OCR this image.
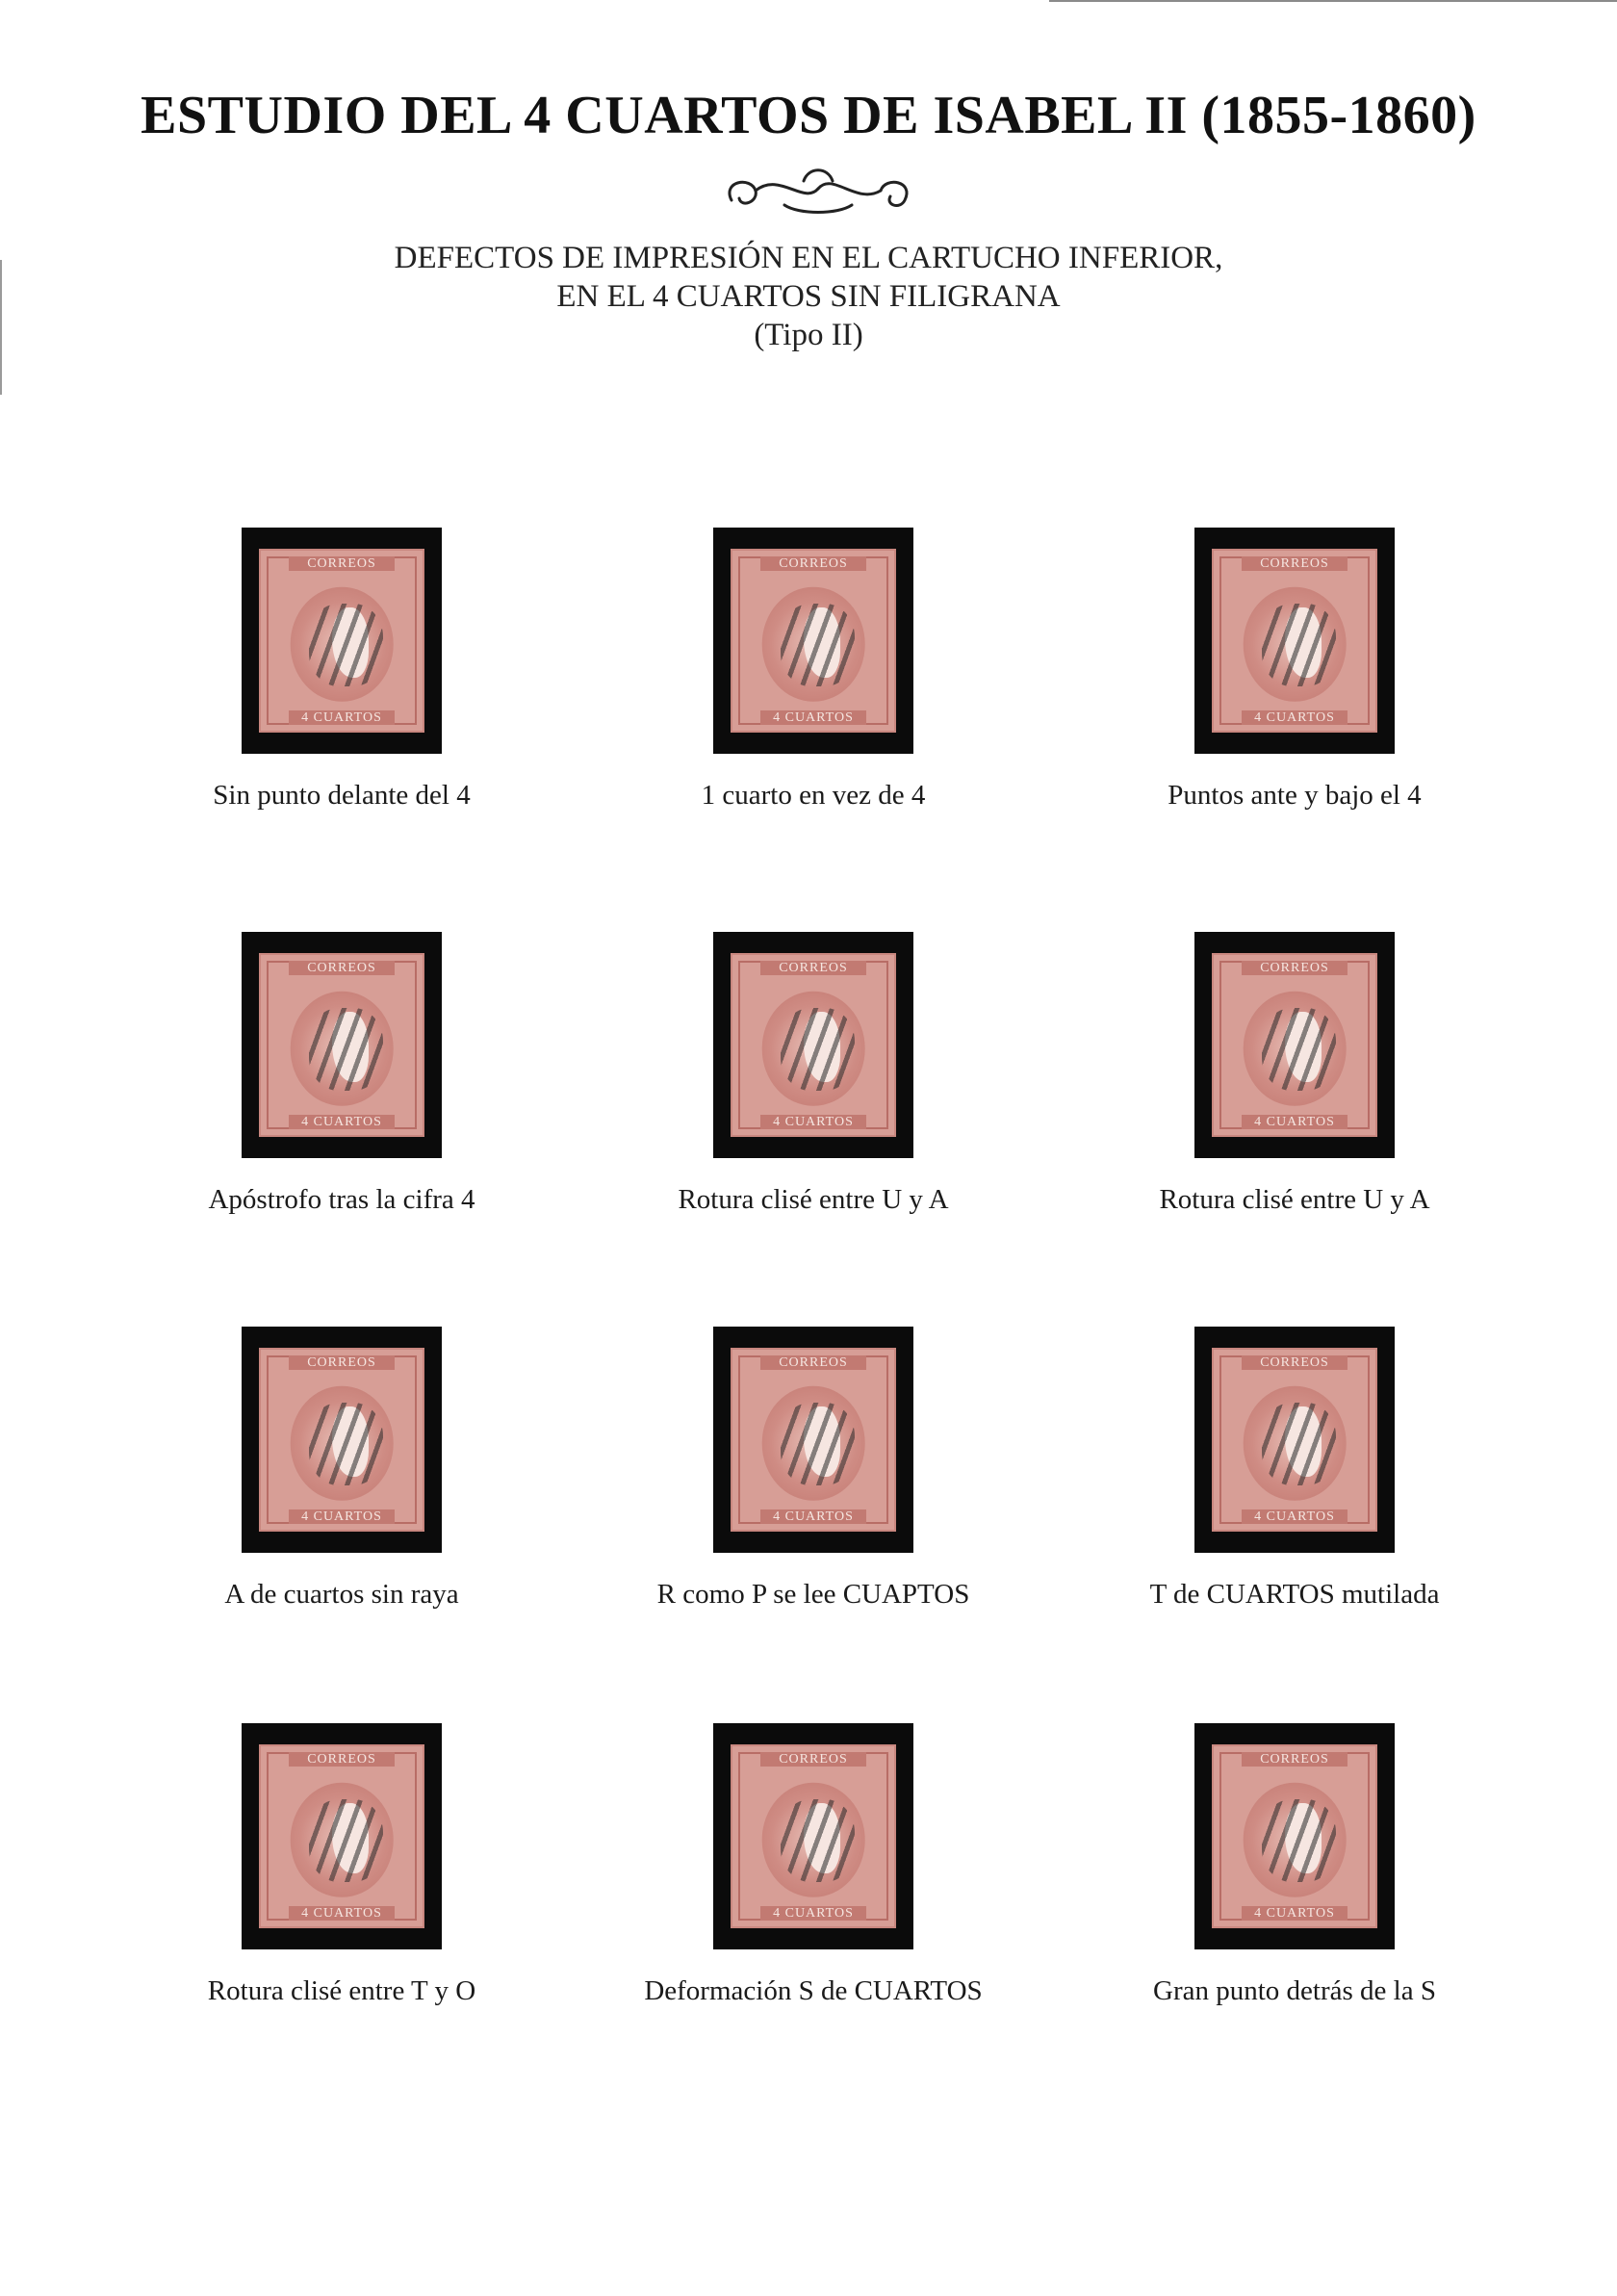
ESTUDIO DEL 4 CUARTOS DE ISABEL II (1855-1860)
DEFECTOS DE IMPRESIÓN EN EL CARTUCHO INFERIOR,
EN EL 4 CUARTOS SIN FILIGRANA
(Tipo II)
CORREOS
4 CUARTOS
Sin punto delante del 4
CORREOS
4 CUARTOS
1 cuarto en vez de 4
CORREOS
4 CUARTOS
Puntos ante y bajo el 4
CORREOS
4 CUARTOS
Apóstrofo tras la cifra 4
CORREOS
4 CUARTOS
Rotura clisé entre U y A
CORREOS
4 CUARTOS
Rotura clisé entre U y A
CORREOS
4 CUARTOS
A de cuartos sin raya
CORREOS
4 CUARTOS
R como P se lee CUAPTOS
CORREOS
4 CUARTOS
T de CUARTOS mutilada
CORREOS
4 CUARTOS
Rotura clisé entre T y O
CORREOS
4 CUARTOS
Deformación S de CUARTOS
CORREOS
4 CUARTOS
Gran punto detrás de la S
